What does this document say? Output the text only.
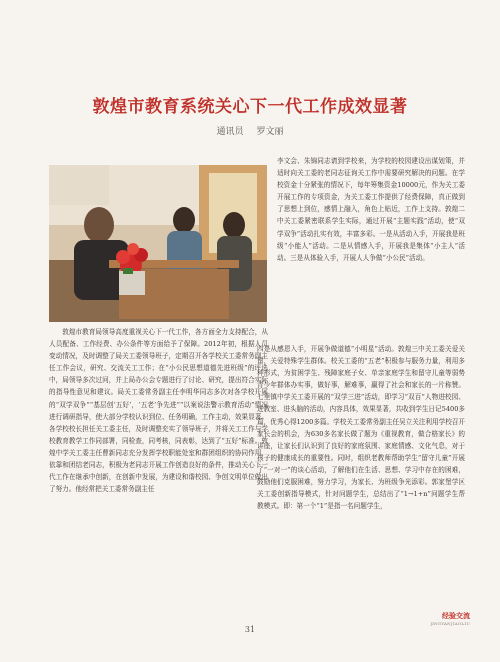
敦煌市教育系统关心下一代工作成效显著
通讯员 罗文丽

敦煌市教育局领导高度重视关心下一代工作，各方面全力支持配合，从人员配备、工作经费、办公条件等方面给予了保障。2012年初，根据人员变动情况，及时调整了局关工委领导班子，定期召开各学校关工委常务副主任工作会议，研究、交流关工工作；在“小公民思想道德先进班级”的评选中，局领导多次过问，并上局办公会专题进行了讨论、研究，提出符合实际的指导性意见和建议。局关工委常务副主任李明华同志多次对各学校开展的“双学双争”“基层创‘五好’，‘五老’争先进”“以案说法警示教育活动”情况进行调研指导，使大部分学校认识到位、任务明确，工作主动，效果显著。各学校校长担任关工委主任，及时调整充实了领导班子，并将关工工作与学校教育教学工作同部署，同检查，同考核，同表彰，达到了“五好”标准。敦煌中学关工委主任曹新同志充分发挥学校职能处室和群团组织的协同作用，依靠和团结老同志，积极为老同志开展工作创造良好的条件，推动关心下一代工作在继承中创新，在创新中发展，为建设和谐校园、争创文明单位做出了努力。他经常把关工委常务副主任

李文会、朱锦同志请到学校来，为学校的校园建设出谋划策，并适时向关工委的老同志征询关工作中需要研究解决的问题。在学校资金十分紧张的情况下，每年筹集资金10000元，作为关工委开展工作的专项资金，为关工委工作提供了经费保障，真正做到了思想上到位，感情上融入，角色上贴近，工作上支持。敦煌二中关工委紧密联系学生实际，通过开展“主题实践”活动，使“双学双争”活动扎实有效，丰富多彩。一是从活动入手，开展我是班级“小能人”活动。二是从情感入手，开展我是集体“小主人”活动。三是从体验入手，开展人人争做“小公民”活动。

四是从感恩入手，开展争做道德“小明星”活动。敦煌三中关工委关爱关留，关爱特殊学生群体。校关工委的“五老”积极参与服务力量，利用多种形式，为贫困学生、残障家庭子女、单亲家庭学生和留守儿童等弱势青少年群体办实事，做好事，解难事，赢得了社会和家长的一片称赞。七里镇中学关工委开展的“双学三进”活动，即学习“双百”人物进校园、进教室、进头脑的活动，内容具体，效果显著，共收到学生日记5400多篇，优秀心得1200多篇。学校关工委常务副主任吴立关注利用学校召开家长会的机会，为630多名家长做了题为《重视教育，做合格家长》的讲座，让家长们认识到了良好的家庭氛围、家庭情感、文化气息，对于孩子的健康成长的重要性。同时，组织老教师帮助学生“留守儿童”开展了“一对一”的谈心活动，了解他们在生活、思想、学习中存在的困难，鼓励他们克服困难，努力学习，为家长、为班级争光添彩。郭家堡学区关工委创新指导模式，针对问题学生，总结出了“1→1+n”问题学生帮教模式。即：第一个“1”是指一名问题学生，

经验交流
JINGYANJIAOLIU
31
